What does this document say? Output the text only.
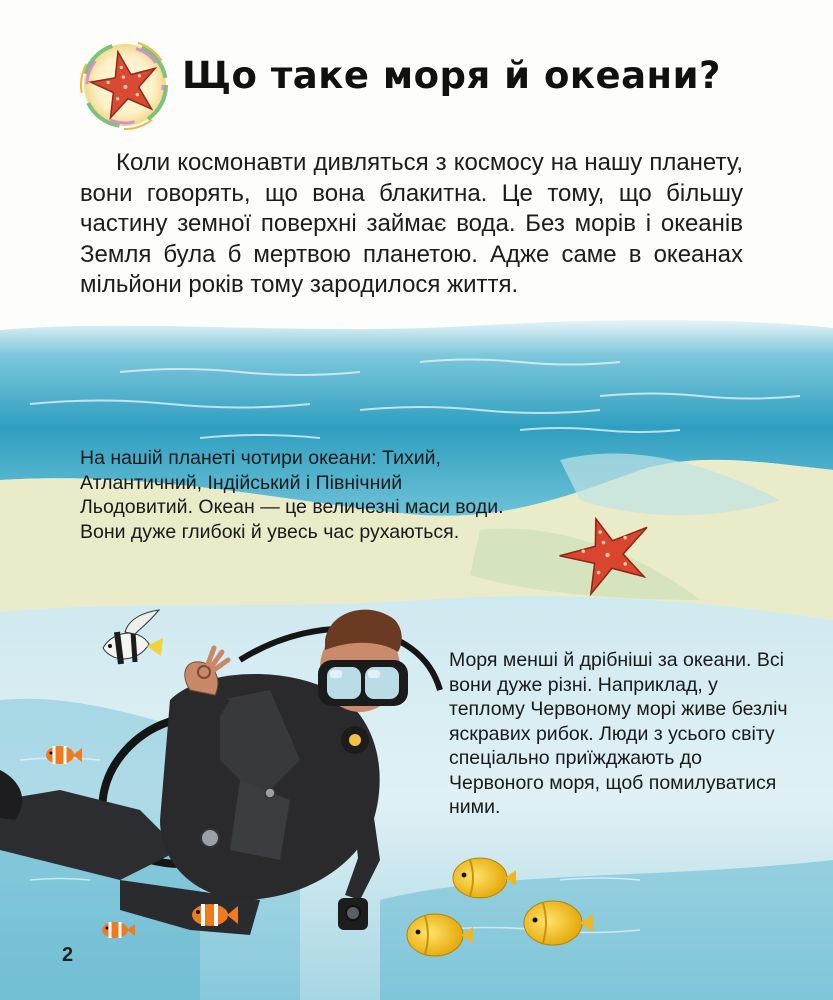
Що таке моря й океани?

Коли космонавти дивляться з космосу на нашу планету, вони говорять, що вона блакитна. Це тому, що більшу частину земної поверхні займає вода. Без морів і океанів Земля була б мертвою планетою. Адже саме в океанах мільйони років тому зародилося життя.

На нашій планеті чотири океани: Тихий, Атлантичний, Індійський і Північний Льодовитий. Океан — це величезні маси води. Вони дуже глибокі й увесь час рухаються.

Моря менші й дрібніші за океани. Всі вони дуже різні. Наприклад, у теплому Червоному морі живе безліч яскравих рибок. Люди з усього світу спеціально приїжджають до Червоного моря, щоб помилуватися ними.

2
